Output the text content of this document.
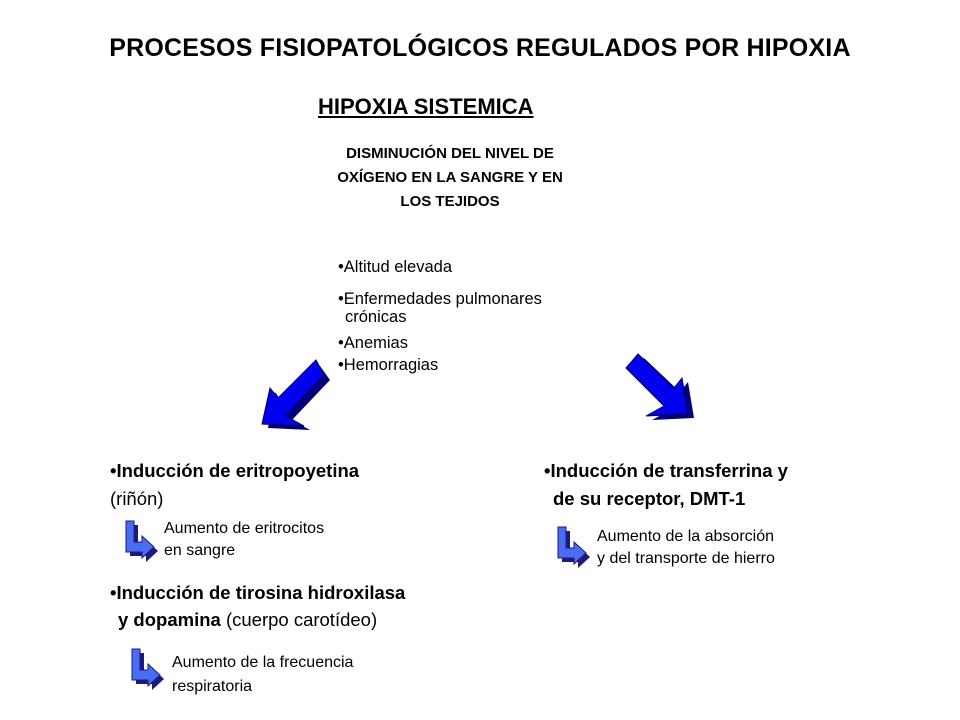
PROCESOS FISIOPATOLÓGICOS REGULADOS POR HIPOXIA
HIPOXIA SISTEMICA
DISMINUCIÓN DEL NIVEL DE OXÍGENO EN LA SANGRE Y EN LOS TEJIDOS
•Altitud elevada
•Enfermedades pulmonares
crónicas
•Anemias
•Hemorragias
•Inducción de eritropoyetina
(riñón)
Aumento de eritrocitos
en sangre
•Inducción de tirosina hidroxilasa
y dopamina (cuerpo carotídeo)
Aumento de la frecuencia
respiratoria
•Inducción de transferrina y
de su receptor, DMT-1
Aumento de la absorción
y del transporte de hierro
